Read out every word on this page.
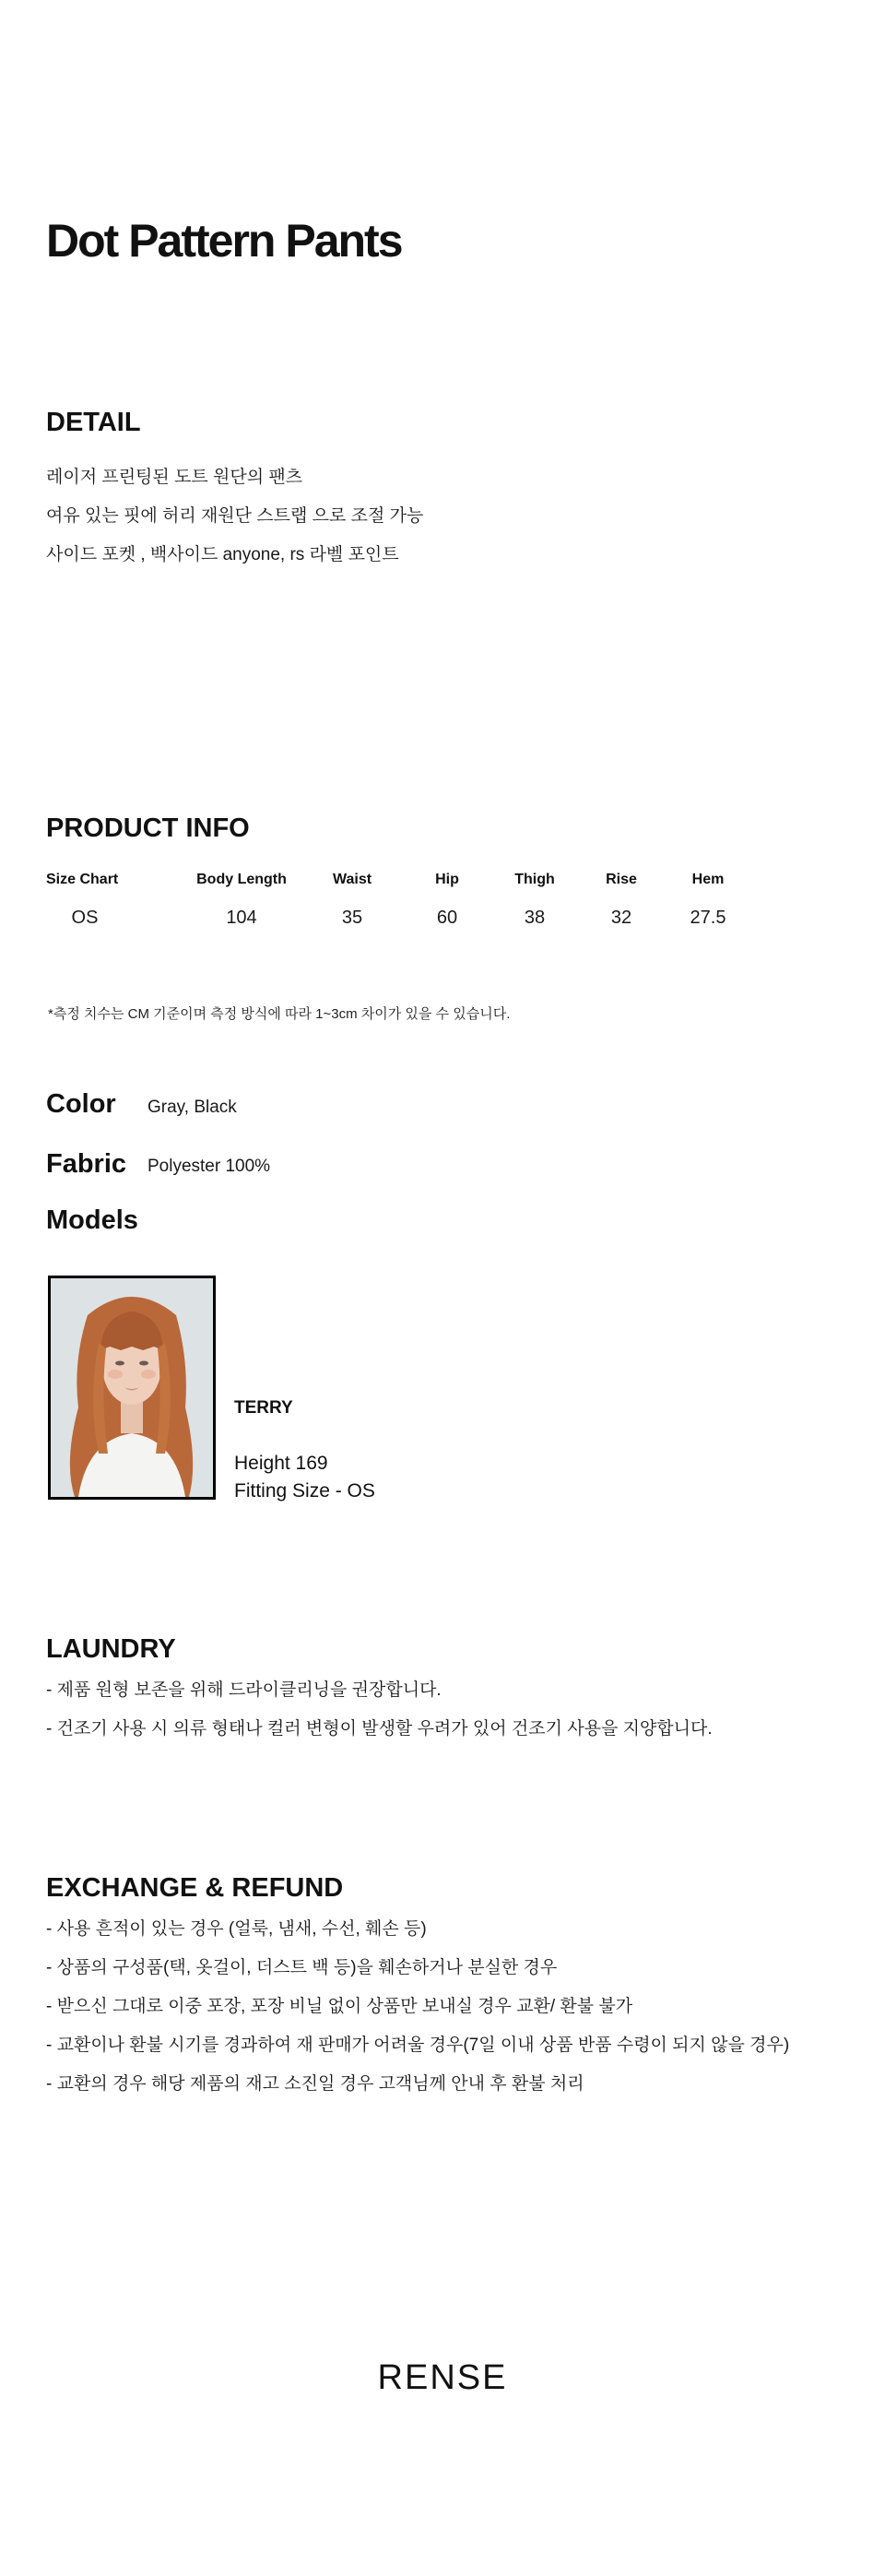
Dot Pattern Pants
DETAIL
레이저 프린팅된 도트 원단의 팬츠
여유 있는 핏에 허리 재원단 스트랩 으로 조절 가능
사이드 포켓 , 백사이드 anyone, rs 라벨 포인트
PRODUCT INFO
Size Chart	Body Length	Waist	Hip	Thigh	Rise	Hem
OS	104	35	60	38	32	27.5
*측정 치수는 CM 기준이며 측정 방식에 따라 1~3cm 차이가 있을 수 있습니다.
Color Gray, Black
Fabric Polyester 100%
Models
TERRY
Height 169
Fitting Size - OS
LAUNDRY
- 제품 원형 보존을 위해 드라이클리닝을 권장합니다.
- 건조기 사용 시 의류 형태나 컬러 변형이 발생할 우려가 있어 건조기 사용을 지양합니다.
EXCHANGE & REFUND
- 사용 흔적이 있는 경우 (얼룩, 냄새, 수선, 훼손 등)
- 상품의 구성품(택, 옷걸이, 더스트 백 등)을 훼손하거나 분실한 경우
- 받으신 그대로 이중 포장, 포장 비닐 없이 상품만 보내실 경우 교환/ 환불 불가
- 교환이나 환불 시기를 경과하여 재 판매가 어려울 경우(7일 이내 상품 반품 수령이 되지 않을 경우)
- 교환의 경우 해당 제품의 재고 소진일 경우 고객님께 안내 후 환불 처리
RENSE
